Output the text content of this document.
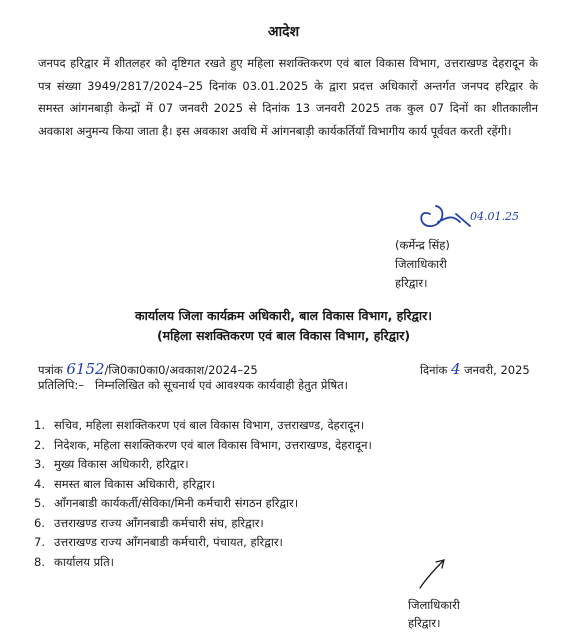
आदेश
जनपद हरिद्वार में शीतलहर को दृष्टिगत रखते हुए महिला सशक्तिकरण एवं बाल विकास विभाग, उत्तराखण्ड देहरादून के पत्र संख्या 3949/2817/2024–25 दिनांक 03.01.2025 के द्वारा प्रदत्त अधिकारों अन्तर्गत जनपद हरिद्वार के समस्त आंगनबाड़ी केन्द्रों में 07 जनवरी 2025 से दिनांक 13 जनवरी 2025 तक कुल 07 दिनों का शीतकालीन अवकाश अनुमन्य किया जाता है। इस अवकाश अवधि में आंगनबाड़ी कार्यकर्तियॉं विभागीय कार्य पूर्ववत करती रहेंगी।
04.01.25
(कर्मेन्द्र सिंह)
जिलाधिकारी
हरिद्वार।
कार्यालय जिला कार्यक्रम अधिकारी, बाल विकास विभाग, हरिद्वार।
(महिला सशक्तिकरण एवं बाल विकास विभाग, हरिद्वार)
पत्रांक 6152/जि0का0का0/अवकाश/2024–25	दिनांक 4 जनवरी, 2025
प्रतिलिपि:– निम्नलिखित को सूचनार्थ एवं आवश्यक कार्यवाही हेतुत प्रेषित।
1. सचिव, महिला सशक्तिकरण एवं बाल विकास विभाग, उत्तराखण्ड, देहरादून।
2. निदेशक, महिला सशक्तिकरण एवं बाल विकास विभाग, उत्तराखण्ड, देहरादून।
3. मुख्य विकास अधिकारी, हरिद्वार।
4. समस्त बाल विकास अधिकारी, हरिद्वार।
5. ऑंगनबाडी कार्यकर्ती/सेविका/मिनी कर्मचारी संगठन हरिद्वार।
6. उत्तराखण्ड राज्य ऑंगनबाडी कर्मचारी संघ, हरिद्वार।
7. उत्तराखण्ड राज्य ऑंगनबाडी कर्मचारी, पंचायत, हरिद्वार।
8. कार्यालय प्रति।
जिलाधिकारी
हरिद्वार।
